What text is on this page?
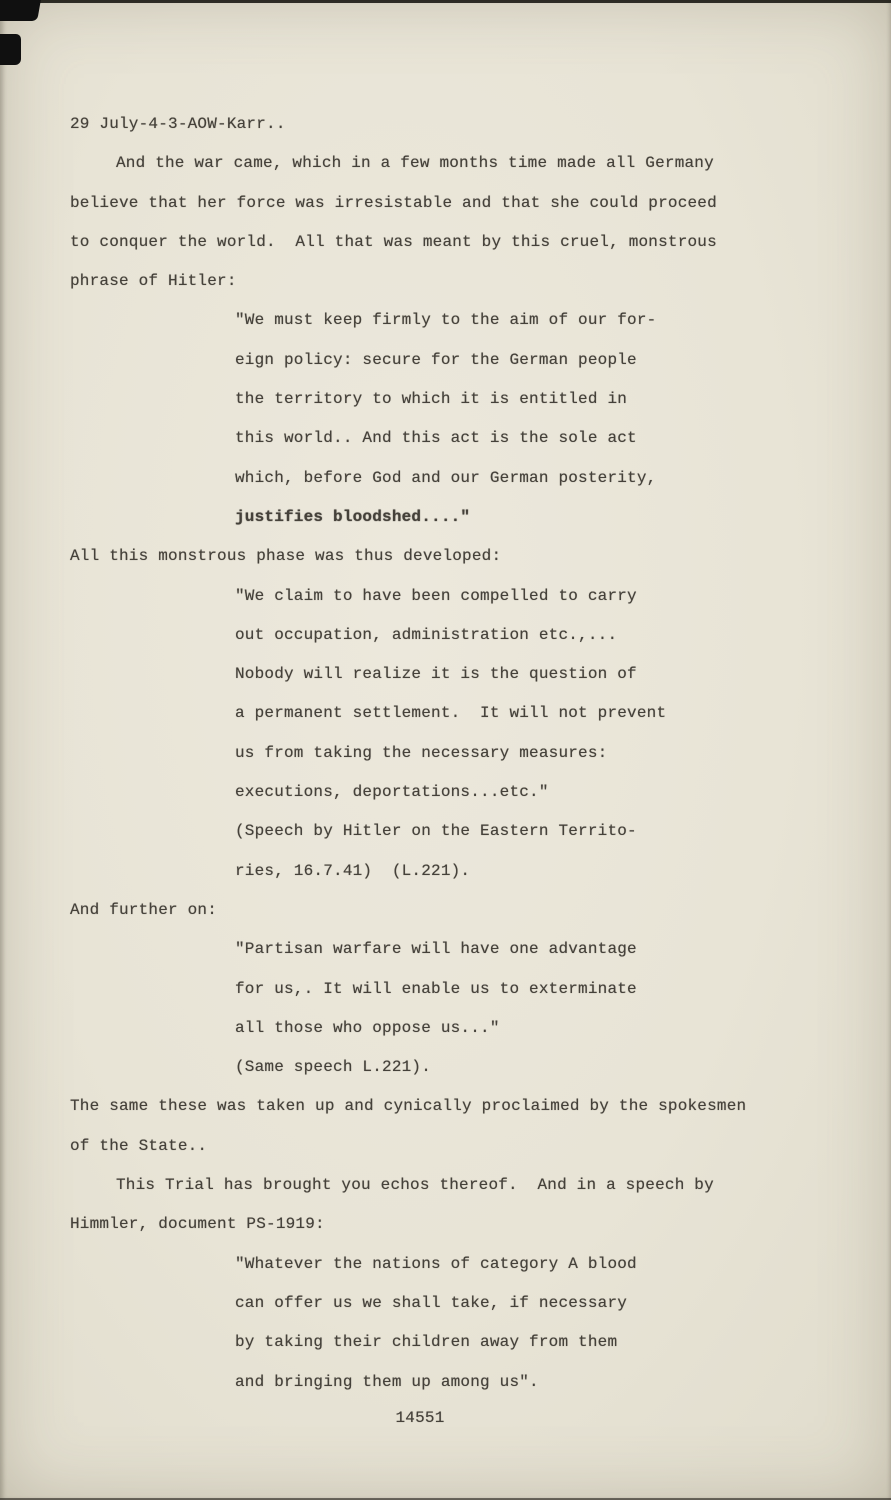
29 July-4-3-AOW-Karr..
And the war came, which in a few months time made all Germany
believe that her force was irresistable and that she could proceed
to conquer the world.  All that was meant by this cruel, monstrous
phrase of Hitler:
"We must keep firmly to the aim of our for-
eign policy: secure for the German people
the territory to which it is entitled in
this world.. And this act is the sole act
which, before God and our German posterity,
justifies bloodshed...."
All this monstrous phase was thus developed:
"We claim to have been compelled to carry
out occupation, administration etc.,...
Nobody will realize it is the question of
a permanent settlement.  It will not prevent
us from taking the necessary measures:
executions, deportations...etc."
(Speech by Hitler on the Eastern Territo-
ries, 16.7.41)  (L.221).
And further on:
"Partisan warfare will have one advantage
for us,. It will enable us to exterminate
all those who oppose us..."
(Same speech L.221).
The same these was taken up and cynically proclaimed by the spokesmen
of the State..
This Trial has brought you echos thereof.  And in a speech by
Himmler, document PS-1919:
"Whatever the nations of category A blood
can offer us we shall take, if necessary
by taking their children away from them
and bringing them up among us".
14551
